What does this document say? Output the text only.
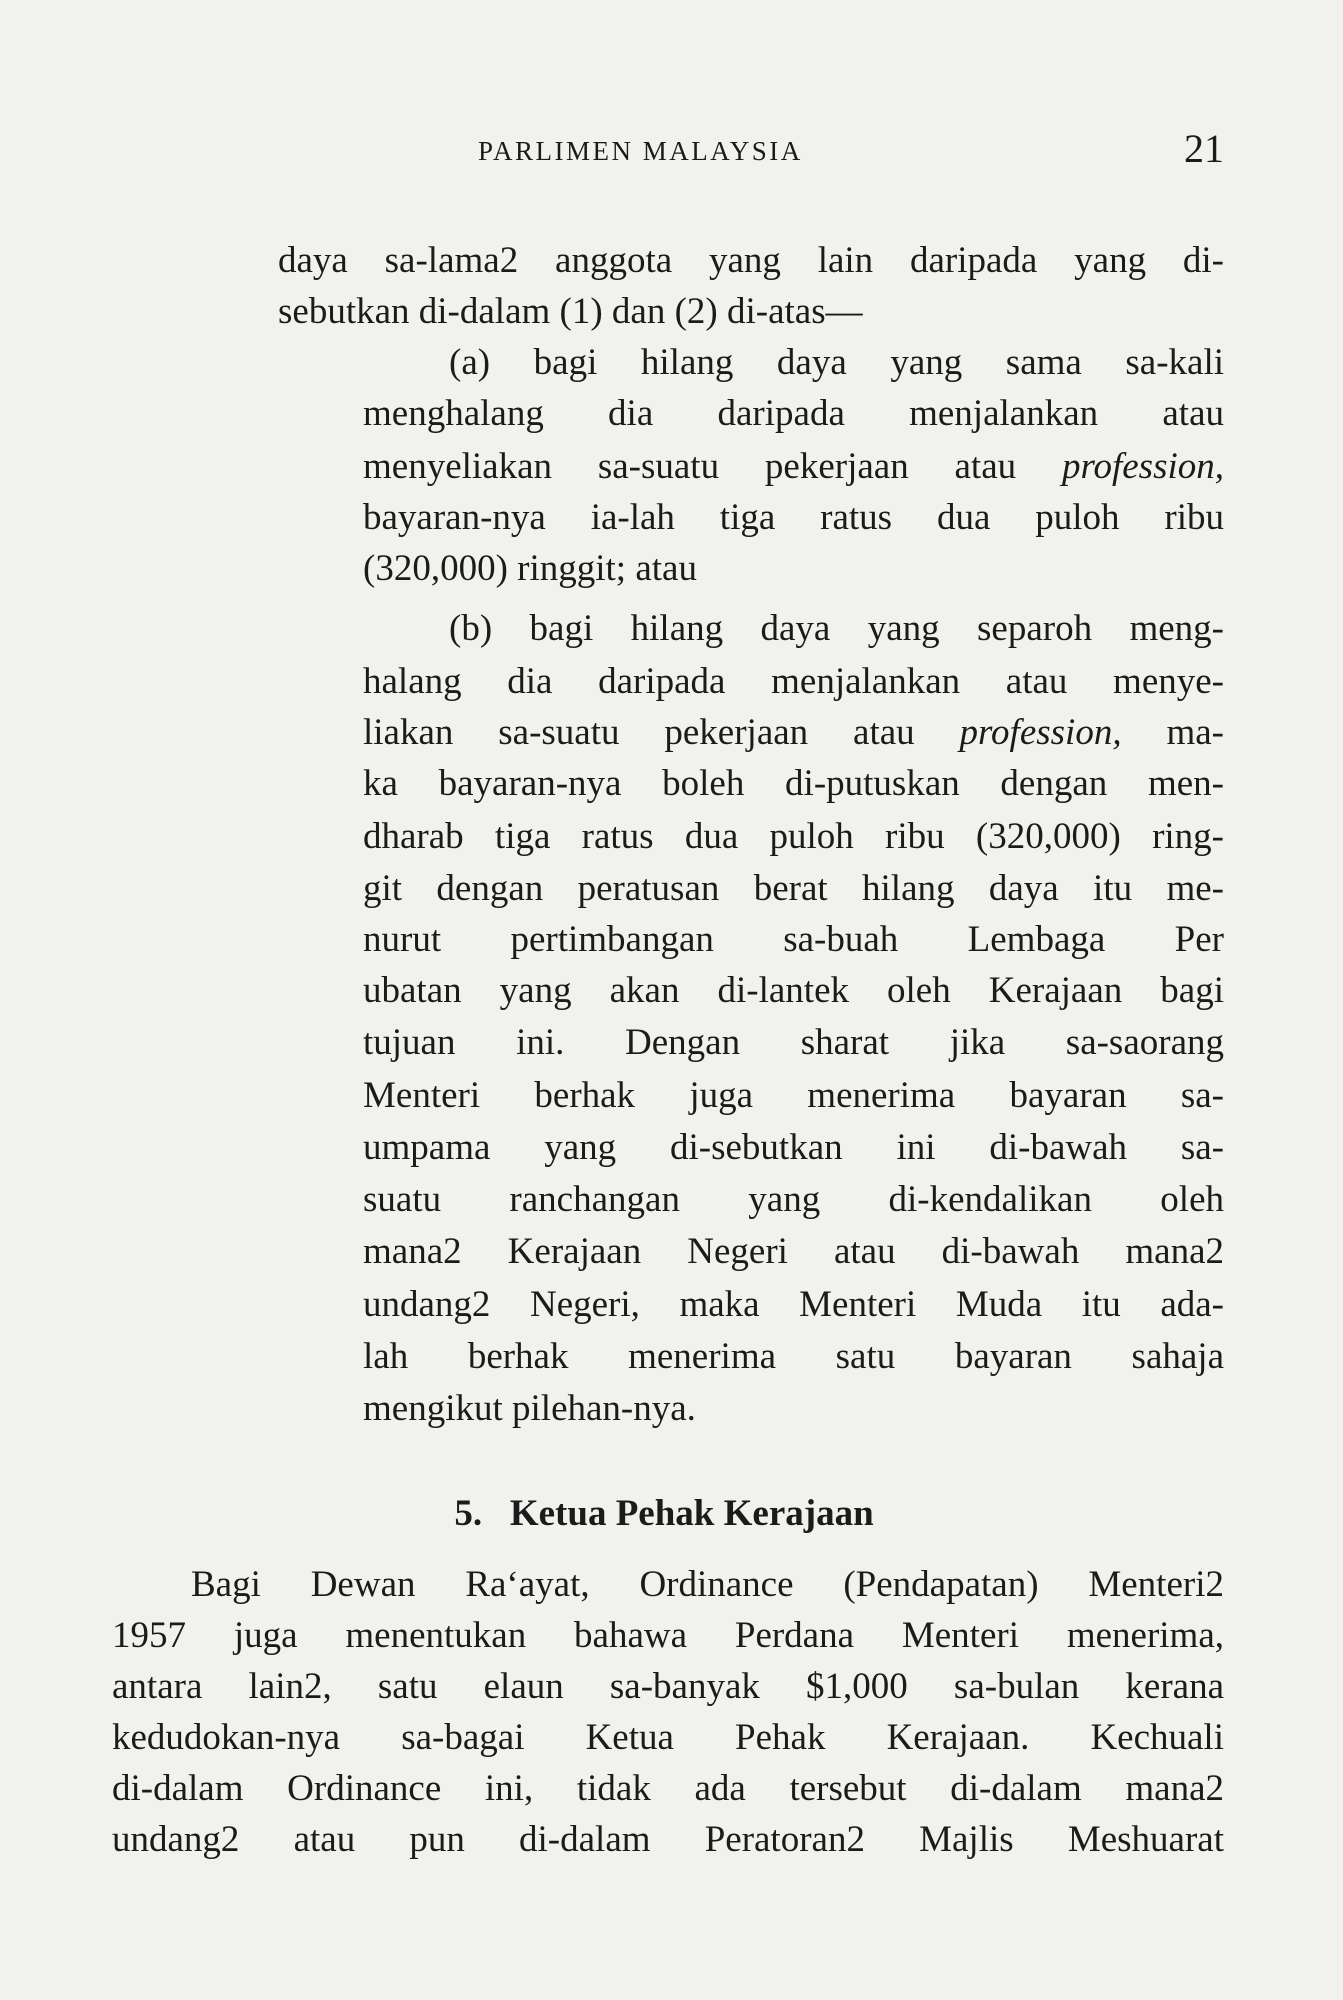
PARLIMEN MALAYSIA	21
daya sa-lama2 anggota yang lain daripada yang di-
sebutkan di-dalam (1) dan (2) di-atas—
(a) bagi hilang daya yang sama sa-kali
menghalang dia daripada menjalankan atau
menyeliakan sa-suatu pekerjaan atau profession,
bayaran-nya ia-lah tiga ratus dua puloh ribu
(320,000) ringgit; atau
(b) bagi hilang daya yang separoh meng-
halang dia daripada menjalankan atau menye-
liakan sa-suatu pekerjaan atau profession, ma-
ka bayaran-nya boleh di-putuskan dengan men-
dharab tiga ratus dua puloh ribu (320,000) ring-
git dengan peratusan berat hilang daya itu me-
nurut pertimbangan sa-buah Lembaga Per
ubatan yang akan di-lantek oleh Kerajaan bagi
tujuan ini. Dengan sharat jika sa-saorang
Menteri berhak juga menerima bayaran sa-
umpama yang di-sebutkan ini di-bawah sa-
suatu ranchangan yang di-kendalikan oleh
mana2 Kerajaan Negeri atau di-bawah mana2
undang2 Negeri, maka Menteri Muda itu ada-
lah berhak menerima satu bayaran sahaja
mengikut pilehan-nya.
5. Ketua Pehak Kerajaan
Bagi Dewan Ra‘ayat, Ordinance (Pendapatan) Menteri2
1957 juga menentukan bahawa Perdana Menteri menerima,
antara lain2, satu elaun sa-banyak $1,000 sa-bulan kerana
kedudokan-nya sa-bagai Ketua Pehak Kerajaan. Kechuali
di-dalam Ordinance ini, tidak ada tersebut di-dalam mana2
undang2 atau pun di-dalam Peratoran2 Majlis Meshuarat
